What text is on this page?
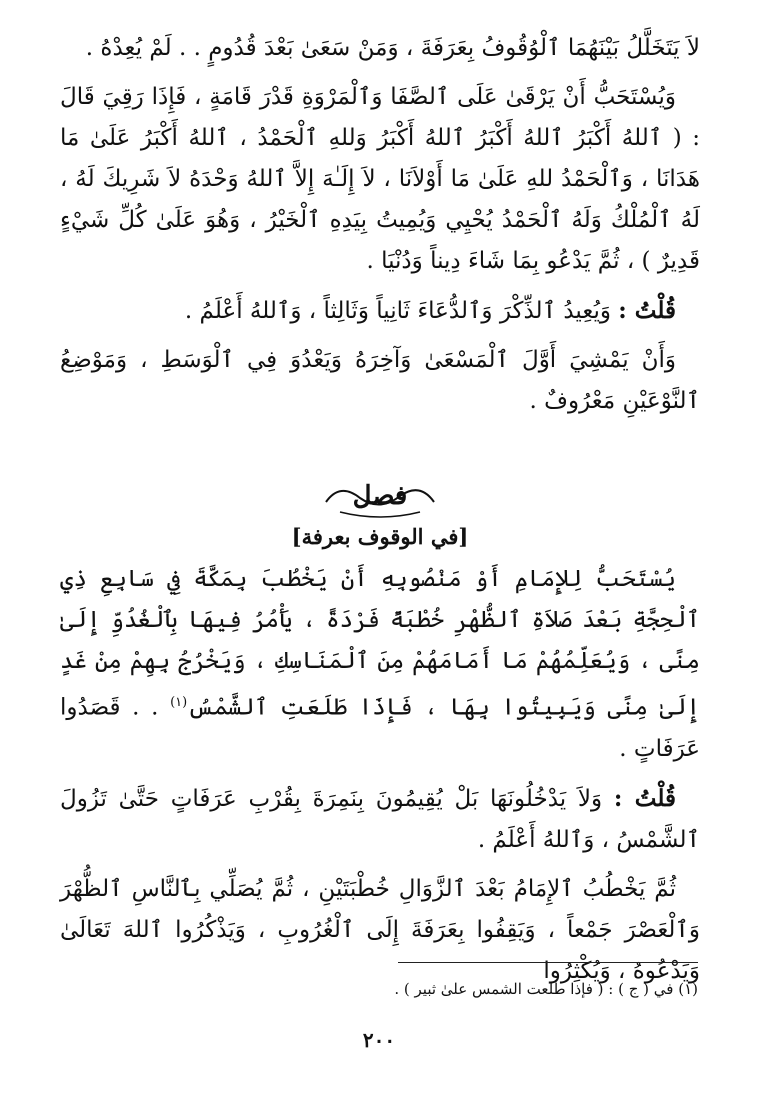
لاَ يَتَخَلَّلُ بَيْنَهُمَا ٱلْوُقُوفُ بِعَرَفَةَ ، وَمَنْ سَعَىٰ بَعْدَ قُدُومٍ . . لَمْ يُعِدْهُ .

وَيُسْتَحَبُّ أَنْ يَرْقَىٰ عَلَى ٱلصَّفَا وَٱلْمَرْوَةِ قَدْرَ قَامَةٍ ، فَإِذَا رَقِيَ قَالَ : ( ٱللهُ أَكْبَرُ ٱللهُ أَكْبَرُ ٱللهُ أَكْبَرُ وَللهِ ٱلْحَمْدُ ، ٱللهُ أَكْبَرُ عَلَىٰ مَا هَدَانَا ، وَٱلْحَمْدُ للهِ عَلَىٰ مَا أَوْلاَنَا ، لاَ إِلَـٰهَ إِلاَّ ٱللهُ وَحْدَهُ لاَ شَرِيكَ لَهُ ، لَهُ ٱلْمُلْكُ وَلَهُ ٱلْحَمْدُ يُحْيِي وَيُمِيتُ بِيَدِهِ ٱلْخَيْرُ ، وَهُوَ عَلَىٰ كُلِّ شَيْءٍ قَدِيرٌ ) ، ثُمَّ يَدْعُو بِمَا شَاءَ دِيناً وَدُنْيَا .

قُلْتُ : وَيُعِيدُ ٱلذِّكْرَ وَٱلدُّعَاءَ ثَانِياً وَثَالِثاً ، وَٱللهُ أَعْلَمُ .

وَأَنْ يَمْشِيَ أَوَّلَ ٱلْمَسْعَىٰ وَآخِرَهُ وَيَعْدُوَ فِي ٱلْوَسَطِ ، وَمَوْضِعُ ٱلنَّوْعَيْنِ مَعْرُوفٌ .

فصل
[في الوقوف بعرفة]

يُسْتَحَبُّ لِلإِمَامِ أَوْ مَنْصُوبِهِ أَنْ يَخْطُبَ بِمَكَّةَ فِي سَابِعِ ذِي ٱلْحِجَّةِ بَعْدَ صَلاَةِ ٱلظُّهْرِ خُطْبَةً فَرْدَةً ، يَأْمُرُ فِيهَا بِٱلْغُدُوِّ إِلَىٰ مِنًى ، وَيُعَلِّمُهُمْ مَا أَمَامَهُمْ مِنَ ٱلْمَنَاسِكِ ، وَيَخْرُجُ بِهِمْ مِنْ غَدٍ إِلَىٰ مِنًى وَيَبِيتُوا بِهَا ، فَإِذَا طَلَعَتِ ٱلشَّمْسُ$^{(١)}$ . . قَصَدُوا عَرَفَاتٍ .

قُلْتُ : وَلاَ يَدْخُلُونَهَا بَلْ يُقِيمُونَ بِنَمِرَةَ بِقُرْبِ عَرَفَاتٍ حَتَّىٰ تَزُولَ ٱلشَّمْسُ ، وَٱللهُ أَعْلَمُ .

ثُمَّ يَخْطُبُ ٱلإِمَامُ بَعْدَ ٱلزَّوَالِ خُطْبَتَيْنِ ، ثُمَّ يُصَلِّي بِٱلنَّاسِ ٱلظُّهْرَ وَٱلْعَصْرَ جَمْعاً ، وَيَقِفُوا بِعَرَفَةَ إِلَى ٱلْغُرُوبِ ، وَيَذْكُرُوا ٱللهَ تَعَالَىٰ وَيَدْعُوهُ ، وَيُكْثِرُوا

(١) في ( ج ) : ( فإذا طلعت الشمس علىٰ ثبير ) .
٢٠٠
